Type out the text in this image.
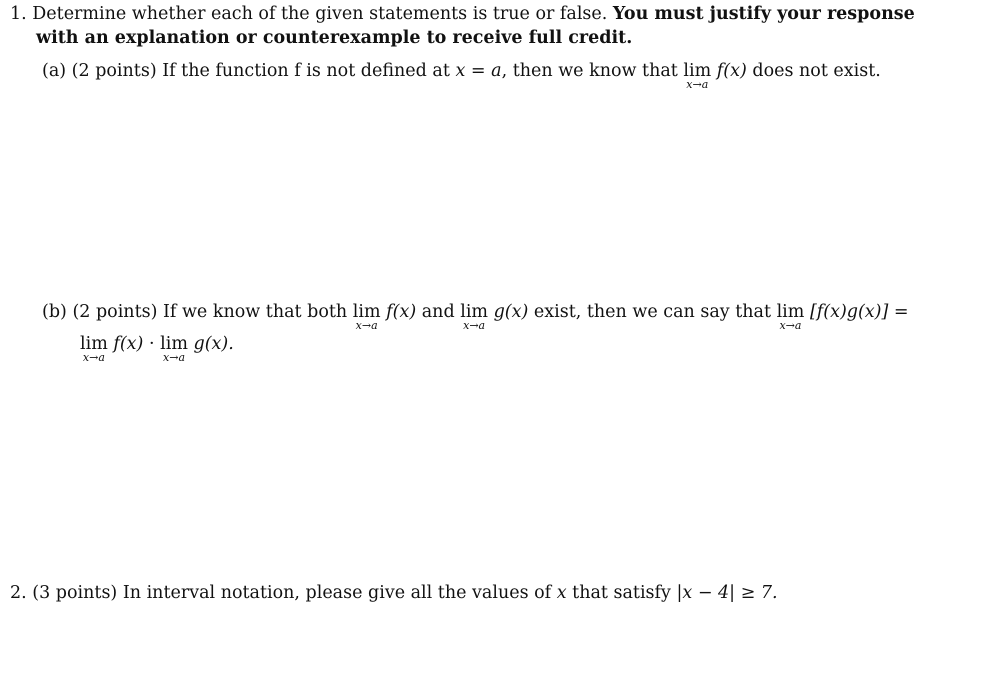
1. Determine whether each of the given statements is true or false. You must justify your response
with an explanation or counterexample to receive full credit.
(a) (2 points) If the function f is not defined at x = a, then we know that lim
x→a
f(x) does not exist.
(b) (2 points) If we know that both lim
x→a
f(x) and lim
x→a
g(x) exist, then we can say that lim
x→a
[f(x)g(x)] =
lim
x→a
f(x) · lim
x→a
g(x).
2. (3 points) In interval notation, please give all the values of x that satisfy |x − 4| ≥ 7.
